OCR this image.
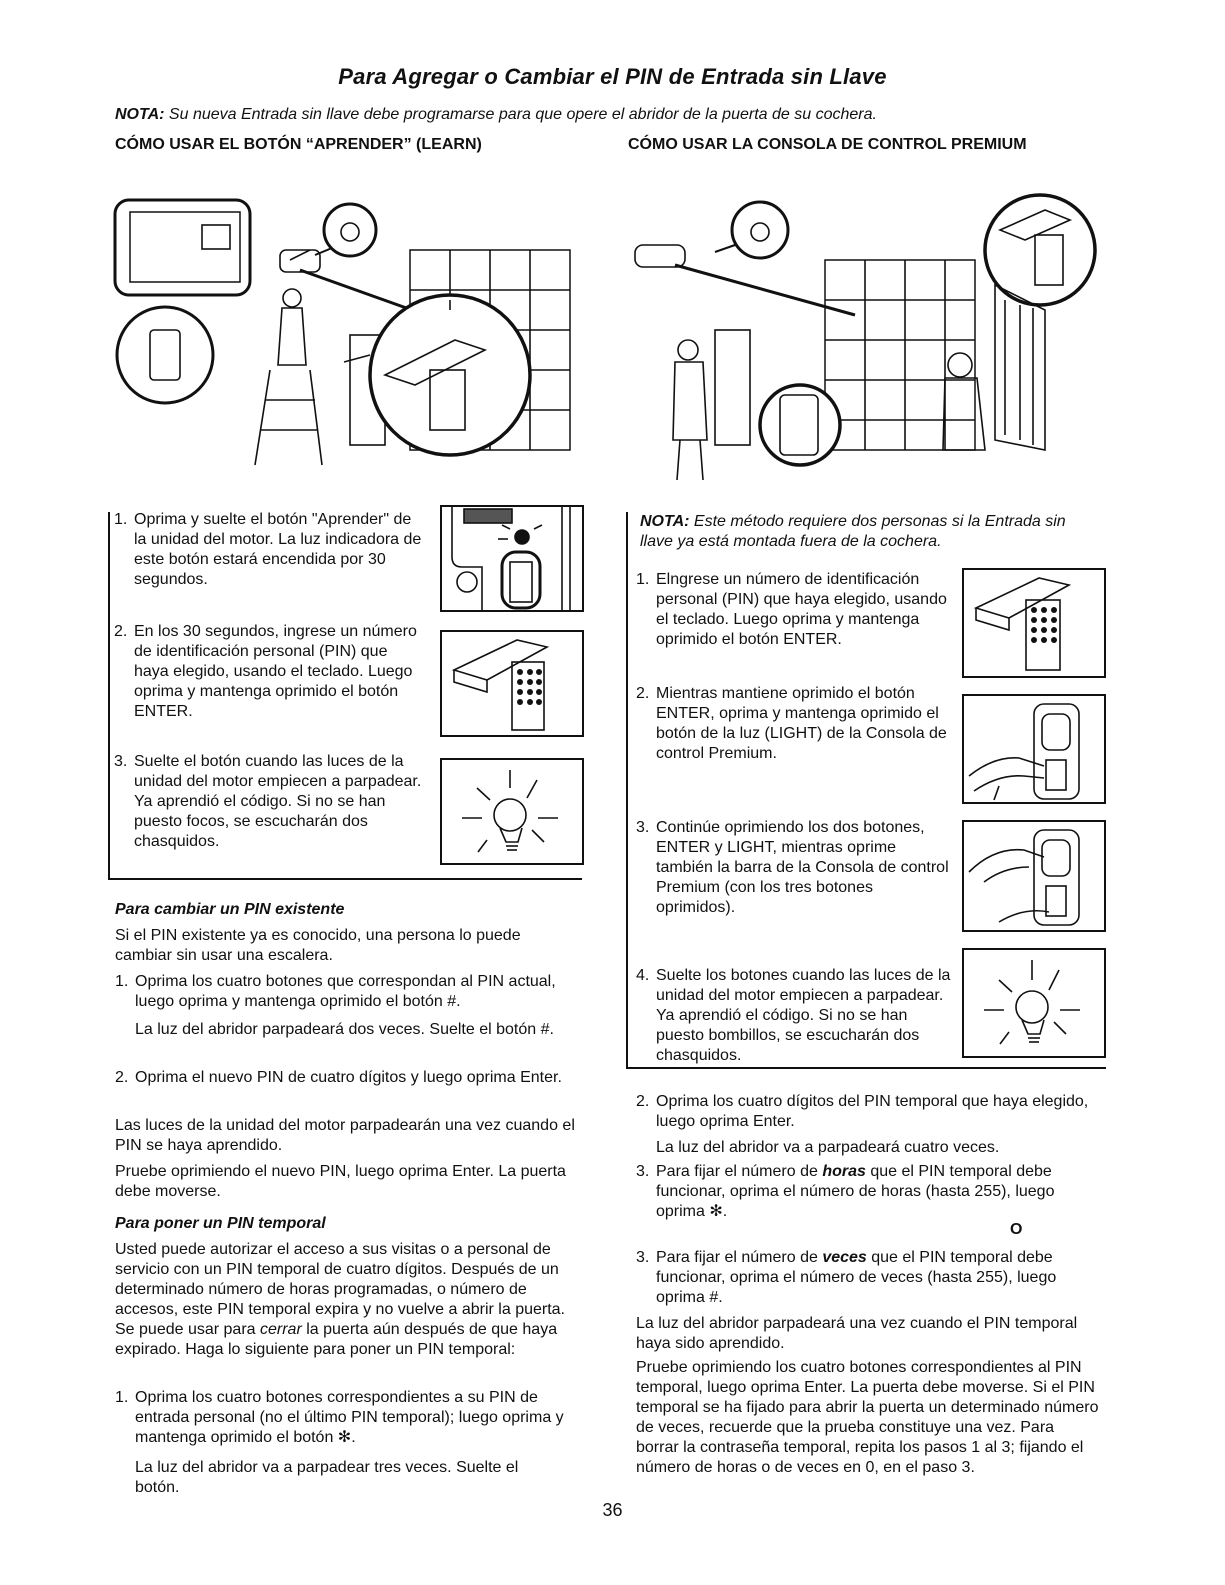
Para Agregar o Cambiar el PIN de Entrada sin Llave
NOTA: Su nueva Entrada sin llave debe programarse para que opere el abridor de la puerta de su cochera.
CÓMO USAR EL BOTÓN “APRENDER” (LEARN)	CÓMO USAR LA CONSOLA DE CONTROL PREMIUM
1. Oprima y suelte el botón "Aprender" de la unidad del motor. La luz indicadora de este botón estará encendida por 30 segundos.
2. En los 30 segundos, ingrese un número de identificación personal (PIN) que haya elegido, usando el teclado. Luego oprima y mantenga oprimido el botón ENTER.
3. Suelte el botón cuando las luces de la unidad del motor empiecen a parpadear. Ya aprendió el código. Si no se han puesto focos, se escucharán dos chasquidos.
Para cambiar un PIN existente
Si el PIN existente ya es conocido, una persona lo puede cambiar sin usar una escalera.
1. Oprima los cuatro botones que correspondan al PIN actual, luego oprima y mantenga oprimido el botón #.
La luz del abridor parpadeará dos veces. Suelte el botón #.
2. Oprima el nuevo PIN de cuatro dígitos y luego oprima Enter.
Las luces de la unidad del motor parpadearán una vez cuando el PIN se haya aprendido.
Pruebe oprimiendo el nuevo PIN, luego oprima Enter. La puerta debe moverse.
Para poner un PIN temporal
Usted puede autorizar el acceso a sus visitas o a personal de servicio con un PIN temporal de cuatro dígitos. Después de un determinado número de horas programadas, o número de accesos, este PIN temporal expira y no vuelve a abrir la puerta. Se puede usar para cerrar la puerta aún después de que haya expirado. Haga lo siguiente para poner un PIN temporal:
1. Oprima los cuatro botones correspondientes a su PIN de entrada personal (no el último PIN temporal); luego oprima y mantenga oprimido el botón ✻.
La luz del abridor va a parpadear tres veces. Suelte el botón.
NOTA: Este método requiere dos personas si la Entrada sin llave ya está montada fuera de la cochera.
1. Elngrese un número de identificación personal (PIN) que haya elegido, usando el teclado. Luego oprima y mantenga oprimido el botón ENTER.
2. Mientras mantiene oprimido el botón ENTER, oprima y mantenga oprimido el botón de la luz (LIGHT) de la Consola de control Premium.
3. Continúe oprimiendo los dos botones, ENTER y LIGHT, mientras oprime también la barra de la Consola de control Premium (con los tres botones oprimidos).
4. Suelte los botones cuando las luces de la unidad del motor empiecen a parpadear. Ya aprendió el código. Si no se han puesto bombillos, se escucharán dos chasquidos.
2. Oprima los cuatro dígitos del PIN temporal que haya elegido, luego oprima Enter.
La luz del abridor va a parpadeará cuatro veces.
3. Para fijar el número de horas que el PIN temporal debe funcionar, oprima el número de horas (hasta 255), luego oprima ✻.
O
3. Para fijar el número de veces que el PIN temporal debe funcionar, oprima el número de veces (hasta 255), luego oprima #.
La luz del abridor parpadeará una vez cuando el PIN temporal haya sido aprendido.
Pruebe oprimiendo los cuatro botones correspondientes al PIN temporal, luego oprima Enter. La puerta debe moverse. Si el PIN temporal se ha fijado para abrir la puerta un determinado número de veces, recuerde que la prueba constituye una vez. Para borrar la contraseña temporal, repita los pasos 1 al 3; fijando el número de horas o de veces en 0, en el paso 3.
36
